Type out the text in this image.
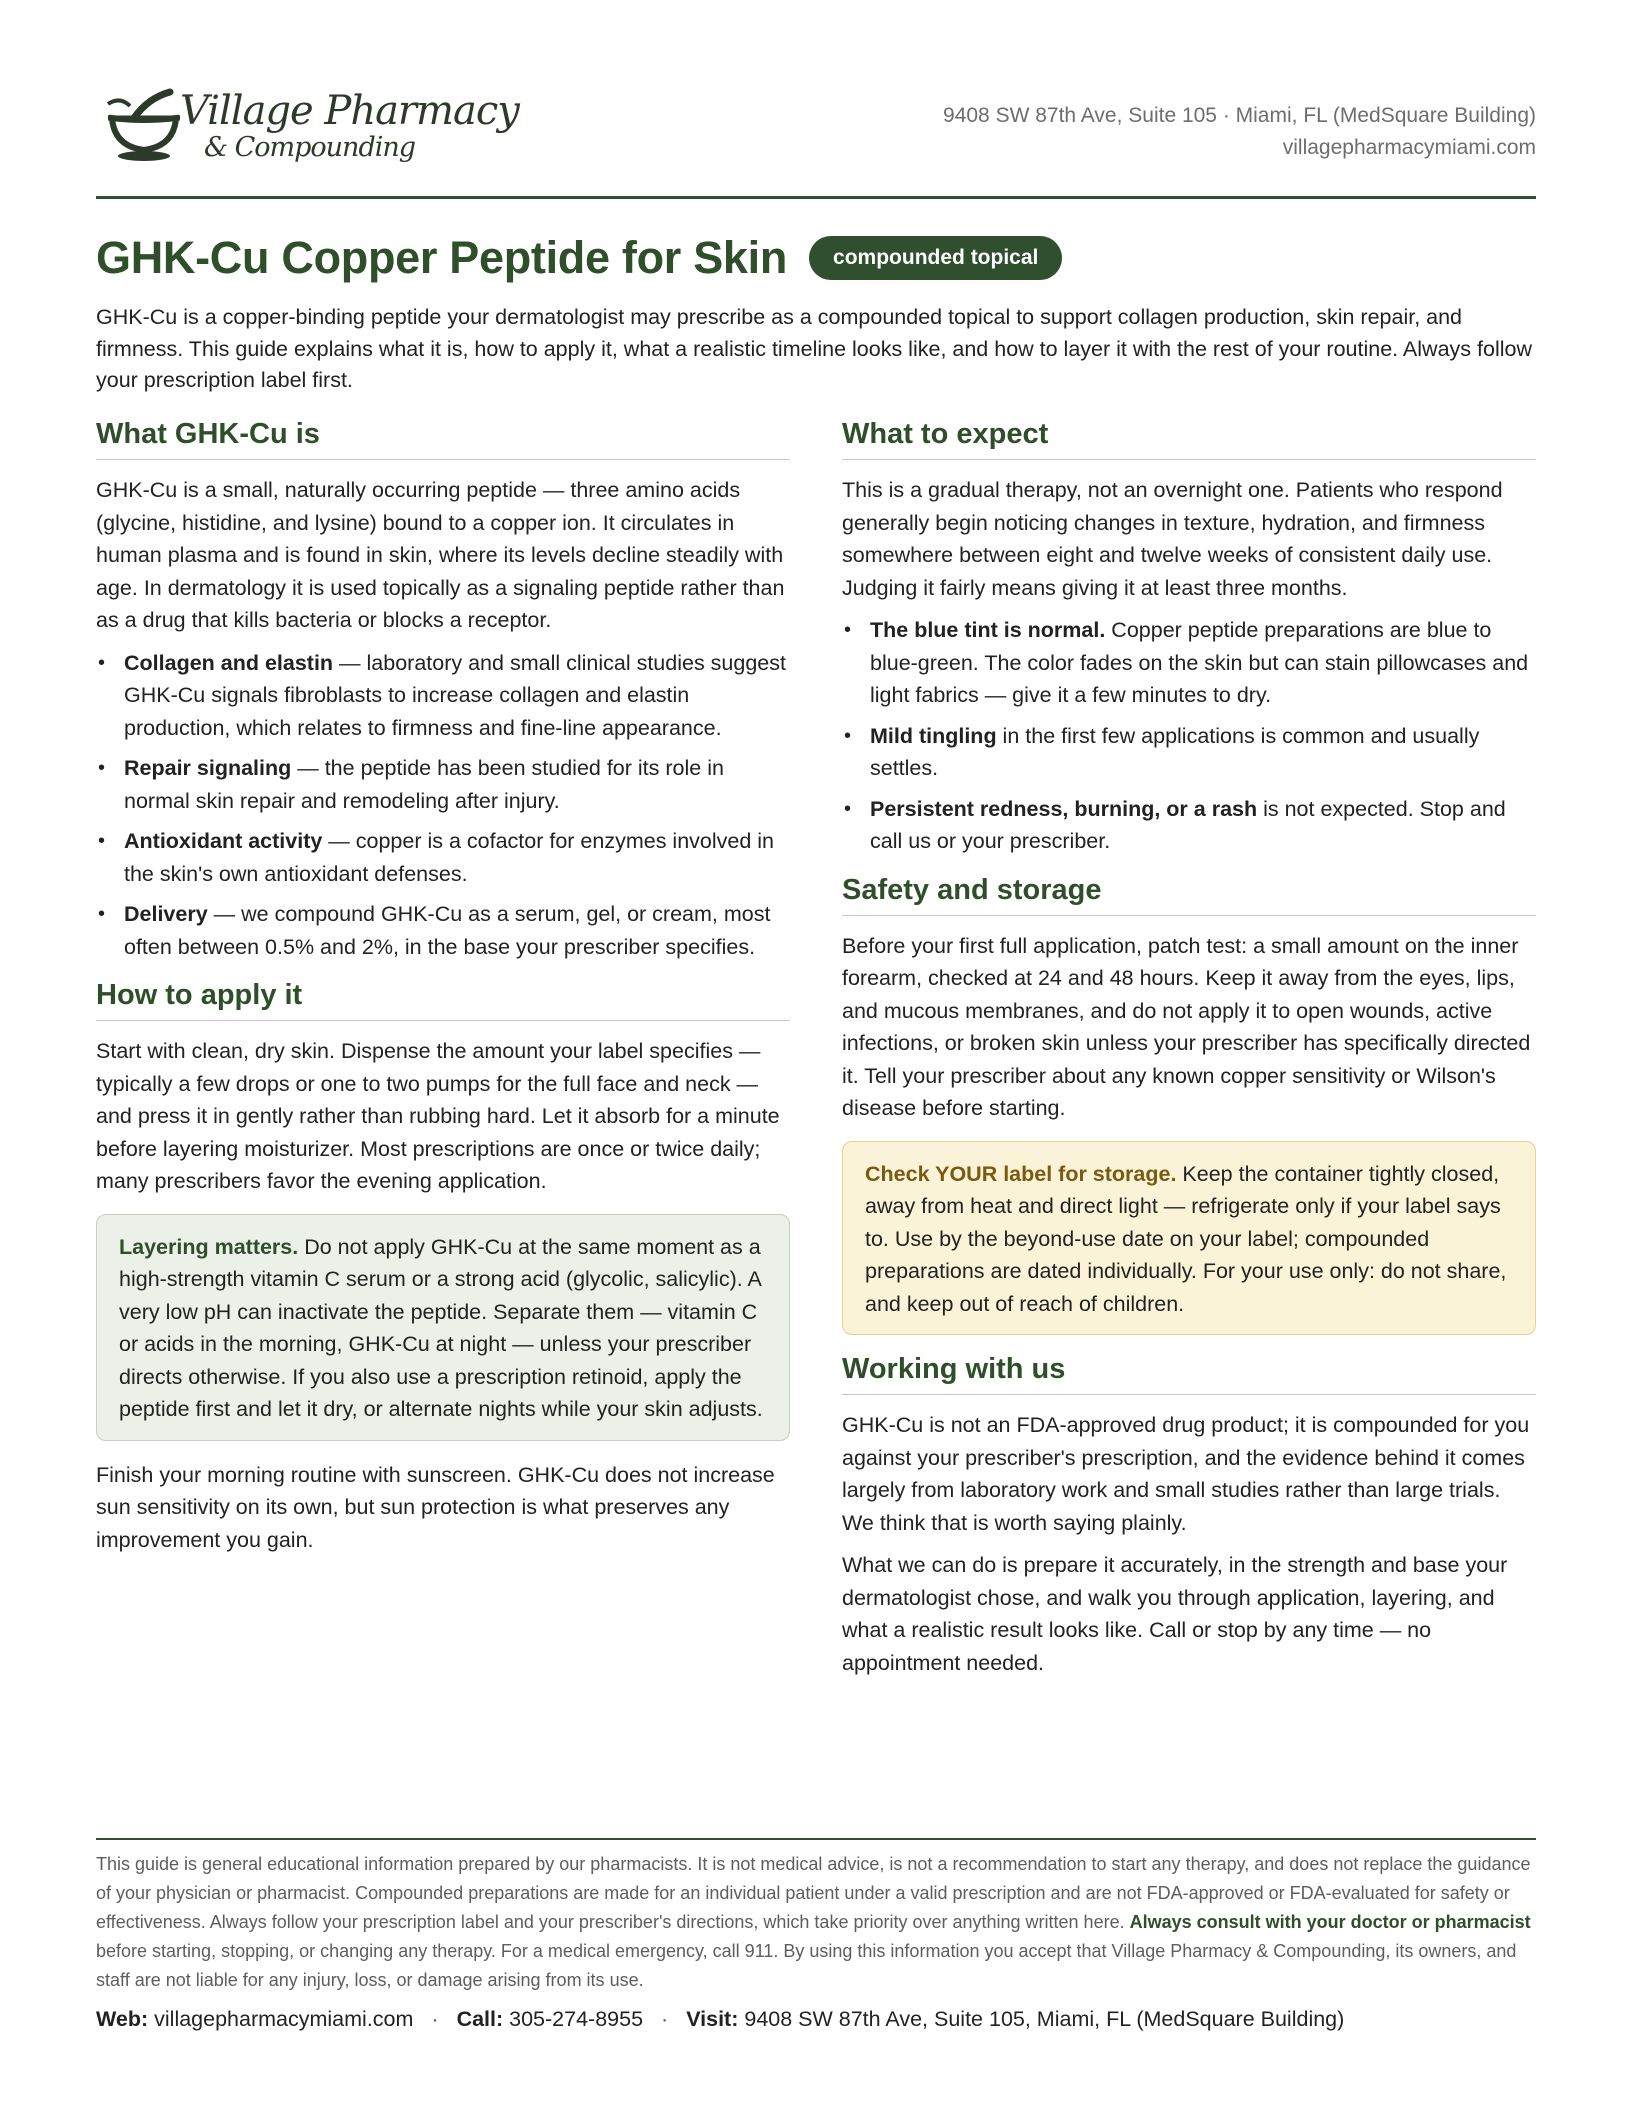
Village Pharmacy
& Compounding
9408 SW 87th Ave, Suite 105 · Miami, FL (MedSquare Building)
villagepharmacymiami.com
GHK-Cu Copper Peptide for Skin	compounded topical

GHK-Cu is a copper-binding peptide your dermatologist may prescribe as a compounded topical to support collagen production, skin repair, and firmness. This guide explains what it is, how to apply it, what a realistic timeline looks like, and how to layer it with the rest of your routine. Always follow your prescription label first.

What GHK-Cu is

GHK-Cu is a small, naturally occurring peptide — three amino acids (glycine, histidine, and lysine) bound to a copper ion. It circulates in human plasma and is found in skin, where its levels decline steadily with age. In dermatology it is used topically as a signaling peptide rather than as a drug that kills bacteria or blocks a receptor.

• Collagen and elastin — laboratory and small clinical studies suggest GHK-Cu signals fibroblasts to increase collagen and elastin production, which relates to firmness and fine-line appearance.
• Repair signaling — the peptide has been studied for its role in normal skin repair and remodeling after injury.
• Antioxidant activity — copper is a cofactor for enzymes involved in the skin's own antioxidant defenses.
• Delivery — we compound GHK-Cu as a serum, gel, or cream, most often between 0.5% and 2%, in the base your prescriber specifies.
How to apply it

Start with clean, dry skin. Dispense the amount your label specifies — typically a few drops or one to two pumps for the full face and neck — and press it in gently rather than rubbing hard. Let it absorb for a minute before layering moisturizer. Most prescriptions are once or twice daily; many prescribers favor the evening application.

Layering matters. Do not apply GHK-Cu at the same moment as a high-strength vitamin C serum or a strong acid (glycolic, salicylic). A very low pH can inactivate the peptide. Separate them — vitamin C or acids in the morning, GHK-Cu at night — unless your prescriber directs otherwise. If you also use a prescription retinoid, apply the peptide first and let it dry, or alternate nights while your skin adjusts.

Finish your morning routine with sunscreen. GHK-Cu does not increase sun sensitivity on its own, but sun protection is what preserves any improvement you gain.

What to expect

This is a gradual therapy, not an overnight one. Patients who respond generally begin noticing changes in texture, hydration, and firmness somewhere between eight and twelve weeks of consistent daily use. Judging it fairly means giving it at least three months.

• The blue tint is normal. Copper peptide preparations are blue to blue-green. The color fades on the skin but can stain pillowcases and light fabrics — give it a few minutes to dry.
• Mild tingling in the first few applications is common and usually settles.
• Persistent redness, burning, or a rash is not expected. Stop and call us or your prescriber.
Safety and storage

Before your first full application, patch test: a small amount on the inner forearm, checked at 24 and 48 hours. Keep it away from the eyes, lips, and mucous membranes, and do not apply it to open wounds, active infections, or broken skin unless your prescriber has specifically directed it. Tell your prescriber about any known copper sensitivity or Wilson's disease before starting.

Check YOUR label for storage. Keep the container tightly closed, away from heat and direct light — refrigerate only if your label says to. Use by the beyond-use date on your label; compounded preparations are dated individually. For your use only: do not share, and keep out of reach of children.
Working with us

GHK-Cu is not an FDA-approved drug product; it is compounded for you against your prescriber's prescription, and the evidence behind it comes largely from laboratory work and small studies rather than large trials. We think that is worth saying plainly.

What we can do is prepare it accurately, in the strength and base your dermatologist chose, and walk you through application, layering, and what a realistic result looks like. Call or stop by any time — no appointment needed.

This guide is general educational information prepared by our pharmacists. It is not medical advice, is not a recommendation to start any therapy, and does not replace the guidance of your physician or pharmacist. Compounded preparations are made for an individual patient under a valid prescription and are not FDA-approved or FDA-evaluated for safety or effectiveness. Always follow your prescription label and your prescriber's directions, which take priority over anything written here. Always consult with your doctor or pharmacist before starting, stopping, or changing any therapy. For a medical emergency, call 911. By using this information you accept that Village Pharmacy & Compounding, its owners, and staff are not liable for any injury, loss, or damage arising from its use.

Web: villagepharmacymiami.com · Call: 305-274-8955 · Visit: 9408 SW 87th Ave, Suite 105, Miami, FL (MedSquare Building)
